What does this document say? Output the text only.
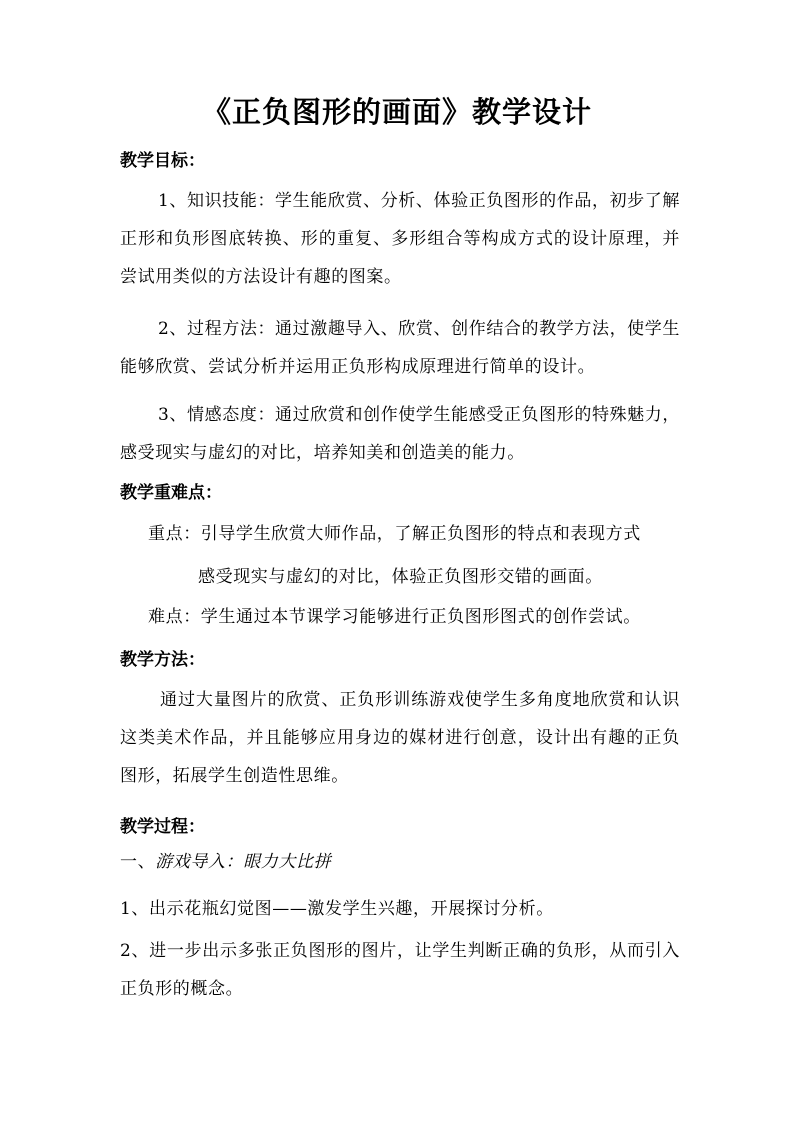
《正负图形的画面》教学设计
教学目标：

1、知识技能：学生能欣赏、分析、体验正负图形的作品，初步了解正形和负形图底转换、形的重复、多形组合等构成方式的设计原理，并尝试用类似的方法设计有趣的图案。

2、过程方法：通过激趣导入、欣赏、创作结合的教学方法，使学生能够欣赏、尝试分析并运用正负形构成原理进行简单的设计。

3、情感态度：通过欣赏和创作使学生能感受正负图形的特殊魅力，感受现实与虚幻的对比，培养知美和创造美的能力。

教学重难点：

重点：引导学生欣赏大师作品，了解正负图形的特点和表现方式

感受现实与虚幻的对比，体验正负图形交错的画面。

难点：学生通过本节课学习能够进行正负图形图式的创作尝试。

教学方法：

通过大量图片的欣赏、正负形训练游戏使学生多角度地欣赏和认识这类美术作品，并且能够应用身边的媒材进行创意，设计出有趣的正负图形，拓展学生创造性思维。

教学过程：

一、游戏导入：眼力大比拼

1、出示花瓶幻觉图——激发学生兴趣，开展探讨分析。

2、进一步出示多张正负图形的图片，让学生判断正确的负形，从而引入正负形的概念。
